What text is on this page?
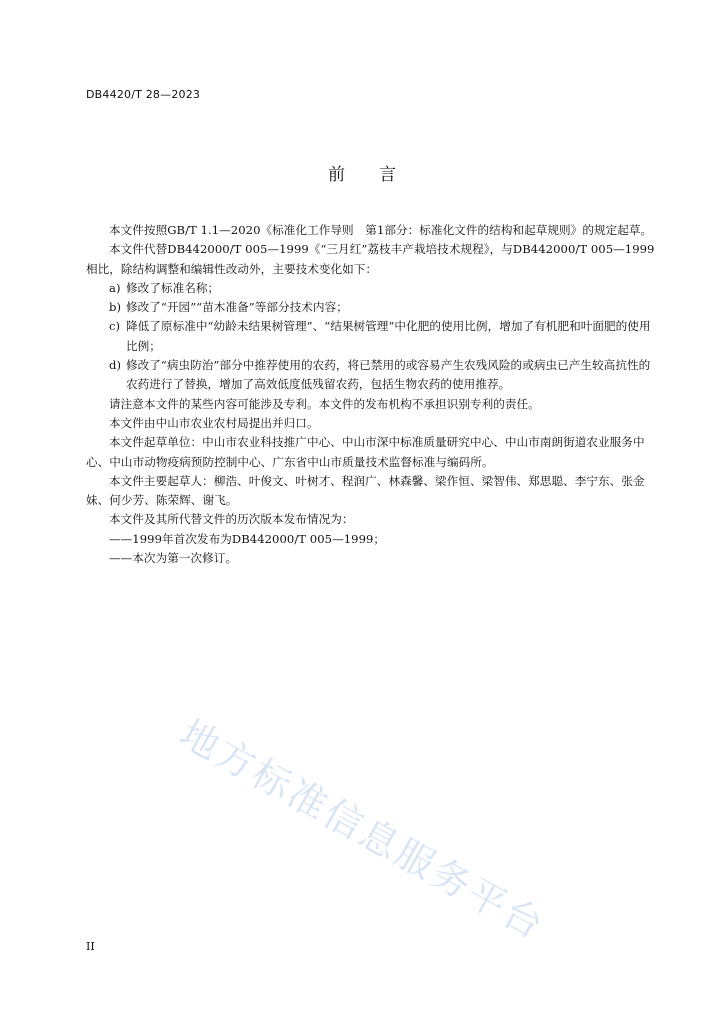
DB4420/T 28—2023
前言

本文件按照GB/T 1.1—2020《标准化工作导则　第1部分：标准化文件的结构和起草规则》的规定起草。

本文件代替DB442000/T 005—1999《“三月红”荔枝丰产栽培技术规程》，与DB442000/T 005—1999相比，除结构调整和编辑性改动外，主要技术变化如下：

a) 修改了标准名称；

b) 修改了“开园”“苗木准备”等部分技术内容；

c) 降低了原标准中“幼龄未结果树管理”、“结果树管理”中化肥的使用比例，增加了有机肥和叶面肥的使用比例；

d) 修改了“病虫防治”部分中推荐使用的农药，将已禁用的或容易产生农残风险的或病虫已产生较高抗性的农药进行了替换，增加了高效低度低残留农药，包括生物农药的使用推荐。

请注意本文件的某些内容可能涉及专利。本文件的发布机构不承担识别专利的责任。

本文件由中山市农业农村局提出并归口。

本文件起草单位：中山市农业科技推广中心、中山市深中标准质量研究中心、中山市南朗街道农业服务中心、中山市动物疫病预防控制中心、广东省中山市质量技术监督标准与编码所。

本文件主要起草人：柳浩、叶俊文、叶树才、程润广、林森馨、梁作恒、梁智伟、郑思聪、李宁东、张金妹、何少芳、陈荣辉、谢飞。

本文件及其所代替文件的历次版本发布情况为：

——1999年首次发布为DB442000/T 005—1999；

——本次为第一次修订。

地方标准信息服务平台
II
